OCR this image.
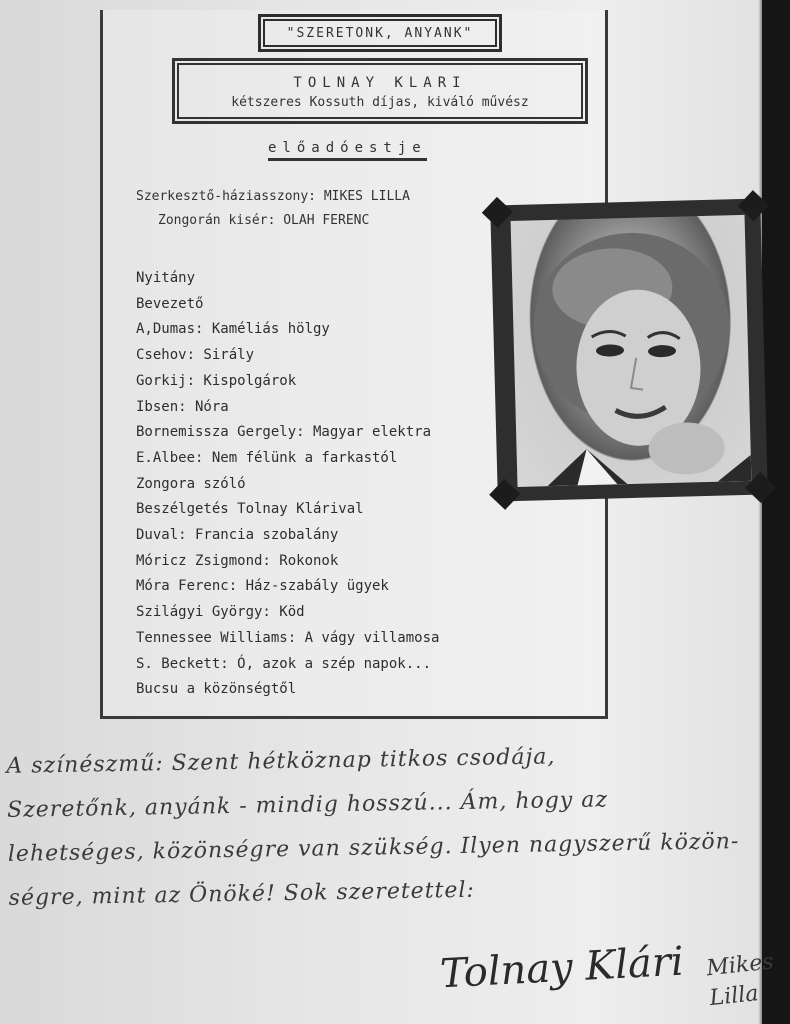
"SZERETONK, ANYANK"
TOLNAY KLARI
kétszeres Kossuth díjas, kiváló művész
előadóestje
Szerkesztő-háziasszony: MIKES LILLA
Zongorán kisér: OLAH FERENC
Nyitány
Bevezető
A,Dumas: Kaméliás hölgy
Csehov: Sirály
Gorkij: Kispolgárok
Ibsen: Nóra
Bornemissza Gergely: Magyar elektra
E.Albee: Nem félünk a farkastól
Zongora szóló
Beszélgetés Tolnay Klárival
Duval: Francia szobalány
Móricz Zsigmond: Rokonok
Móra Ferenc: Ház-szabály ügyek
Szilágyi György: Köd
Tennessee Williams: A vágy villamosa
S. Beckett: Ó, azok a szép napok...
Bucsu a közönségtől
A színészmű: Szent hétköznap titkos csodája,
Szeretőnk, anyánk - mindig hosszú... Ám, hogy az
lehetséges, közönségre van szükség. Ilyen nagyszerű közön-
ségre, mint az Önöké! Sok szeretettel:
Tolnay Klári Mikes Lilla
